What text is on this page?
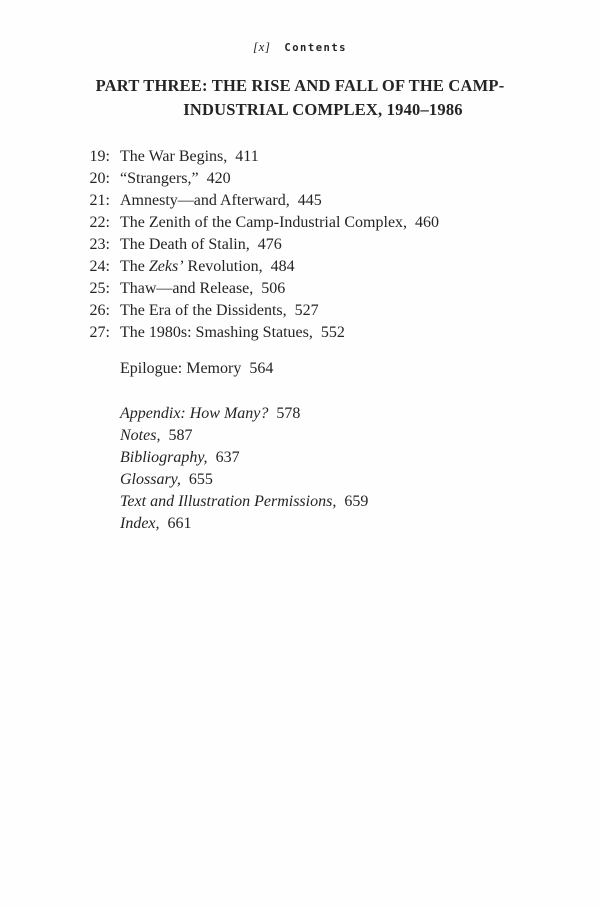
[x] Contents
PART THREE: THE RISE AND FALL OF THE CAMP-
INDUSTRIAL COMPLEX, 1940–1986
19: The War Begins, 411
20: “Strangers,” 420
21: Amnesty—and Afterward, 445
22: The Zenith of the Camp-Industrial Complex, 460
23: The Death of Stalin, 476
24: The Zeks’ Revolution, 484
25: Thaw—and Release, 506
26: The Era of the Dissidents, 527
27: The 1980s: Smashing Statues, 552
Epilogue: Memory 564
Appendix: How Many? 578
Notes, 587
Bibliography, 637
Glossary, 655
Text and Illustration Permissions, 659
Index, 661
